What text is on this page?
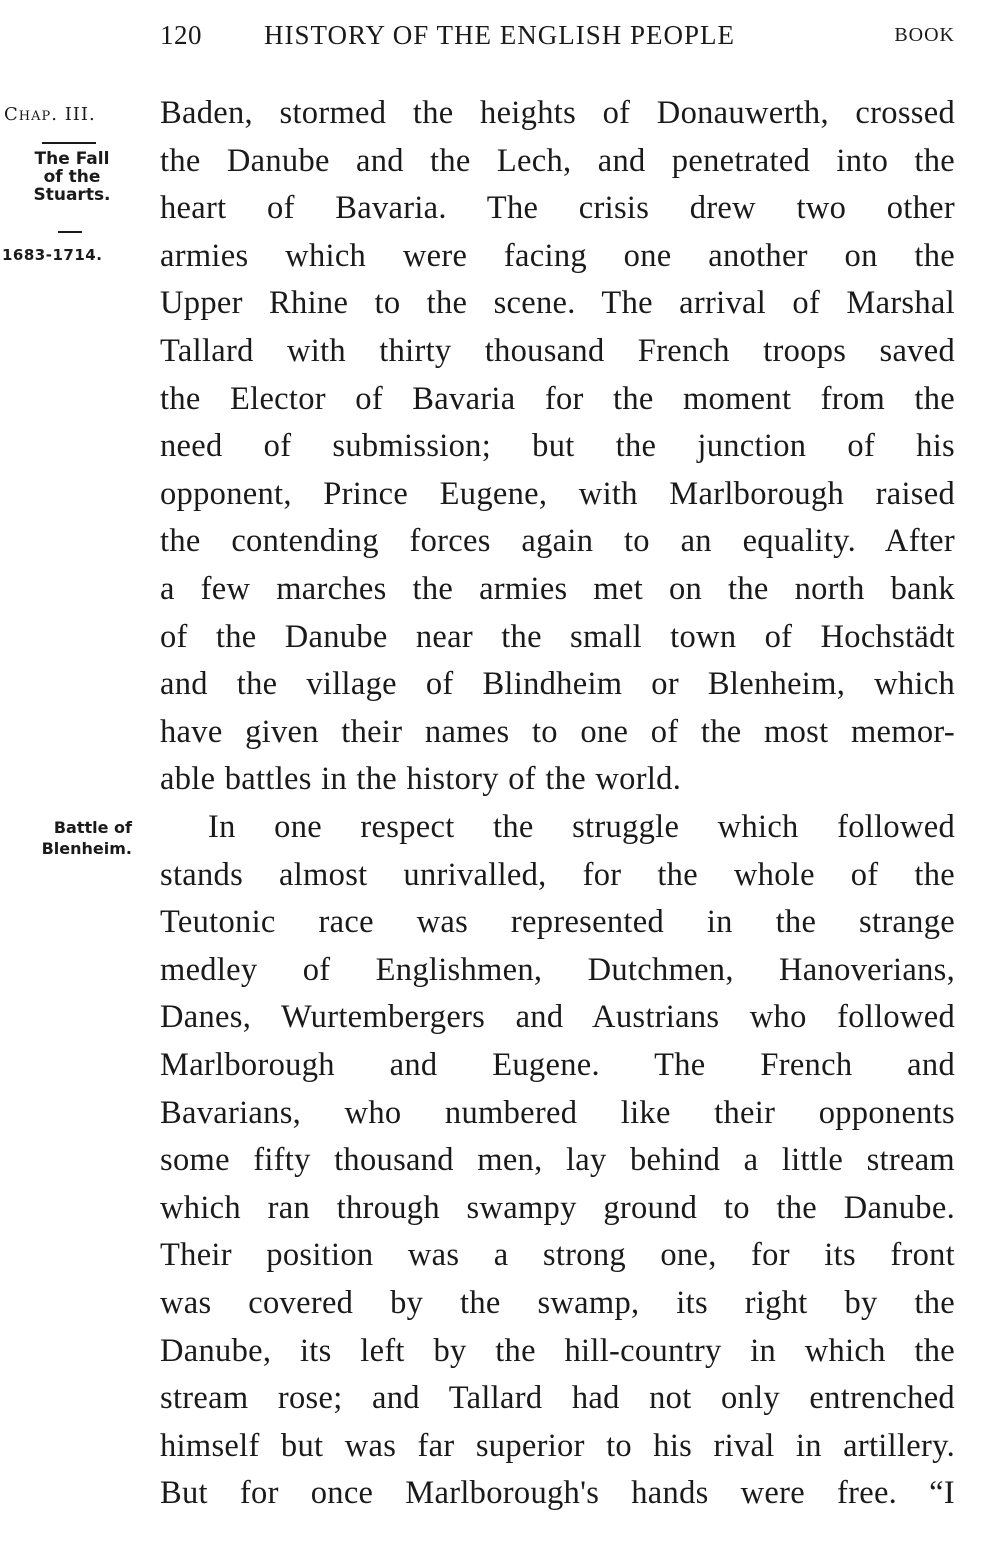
120 HISTORY OF THE ENGLISH PEOPLE	BOOK
Chap. III.
The Fall
of the
Stuarts.
1683-1714.
Battle of
Blenheim.
Baden, stormed the heights of Donauwerth, crossed
the Danube and the Lech, and penetrated into the
heart of Bavaria. The crisis drew two other
armies which were facing one another on the
Upper Rhine to the scene. The arrival of Marshal
Tallard with thirty thousand French troops saved
the Elector of Bavaria for the moment from the
need of submission; but the junction of his
opponent, Prince Eugene, with Marlborough raised
the contending forces again to an equality. After
a few marches the armies met on the north bank
of the Danube near the small town of Hochstädt
and the village of Blindheim or Blenheim, which
have given their names to one of the most memor-
able battles in the history of the world.
In one respect the struggle which followed
stands almost unrivalled, for the whole of the
Teutonic race was represented in the strange
medley of Englishmen, Dutchmen, Hanoverians,
Danes, Wurtembergers and Austrians who followed
Marlborough and Eugene. The French and
Bavarians, who numbered like their opponents
some fifty thousand men, lay behind a little stream
which ran through swampy ground to the Danube.
Their position was a strong one, for its front
was covered by the swamp, its right by the
Danube, its left by the hill-country in which the
stream rose; and Tallard had not only entrenched
himself but was far superior to his rival in artillery.
But for once Marlborough's hands were free. “I
